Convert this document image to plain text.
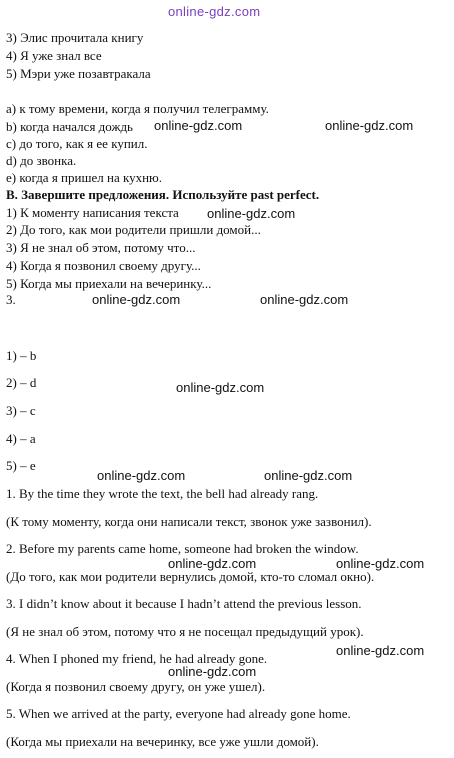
online-gdz.com
3) Элис прочитала книгу
4) Я уже знал все
5) Мэри уже позавтракала
а) к тому времени, когда я получил телеграмму.
b) когда начался дождь
с) до того, как я ее купил.
d) до звонка.
е) когда я пришел на кухню.
В. Завершите предложения. Используйте past perfect.
1) К моменту написания текста
2) До того, как мои родители пришли домой...
3) Я не знал об этом, потому что...
4) Когда я позвонил своему другу...
5) Когда мы приехали на вечеринку...
3.
1) – b
2) – d
3) – с
4) – а
5) – е
1. By the time they wrote the text, the bell had already rang.
(К тому моменту, когда они написали текст, звонок уже зазвонил).
2. Before my parents came home, someone had broken the window.
(До того, как мои родители вернулись домой, кто-то сломал окно).
3. I didn’t know about it because I hadn’t attend the previous lesson.
(Я не знал об этом, потому что я не посещал предыдущий урок).
4. When I phoned my friend, he had already gone.
(Когда я позвонил своему другу, он уже ушел).
5. When we arrived at the party, everyone had already gone home.
(Когда мы приехали на вечеринку, все уже ушли домой).
online-gdz.com	online-gdz.com
online-gdz.com
online-gdz.com	online-gdz.com
online-gdz.com
online-gdz.com	online-gdz.com
online-gdz.com	online-gdz.com
online-gdz.com
online-gdz.com
